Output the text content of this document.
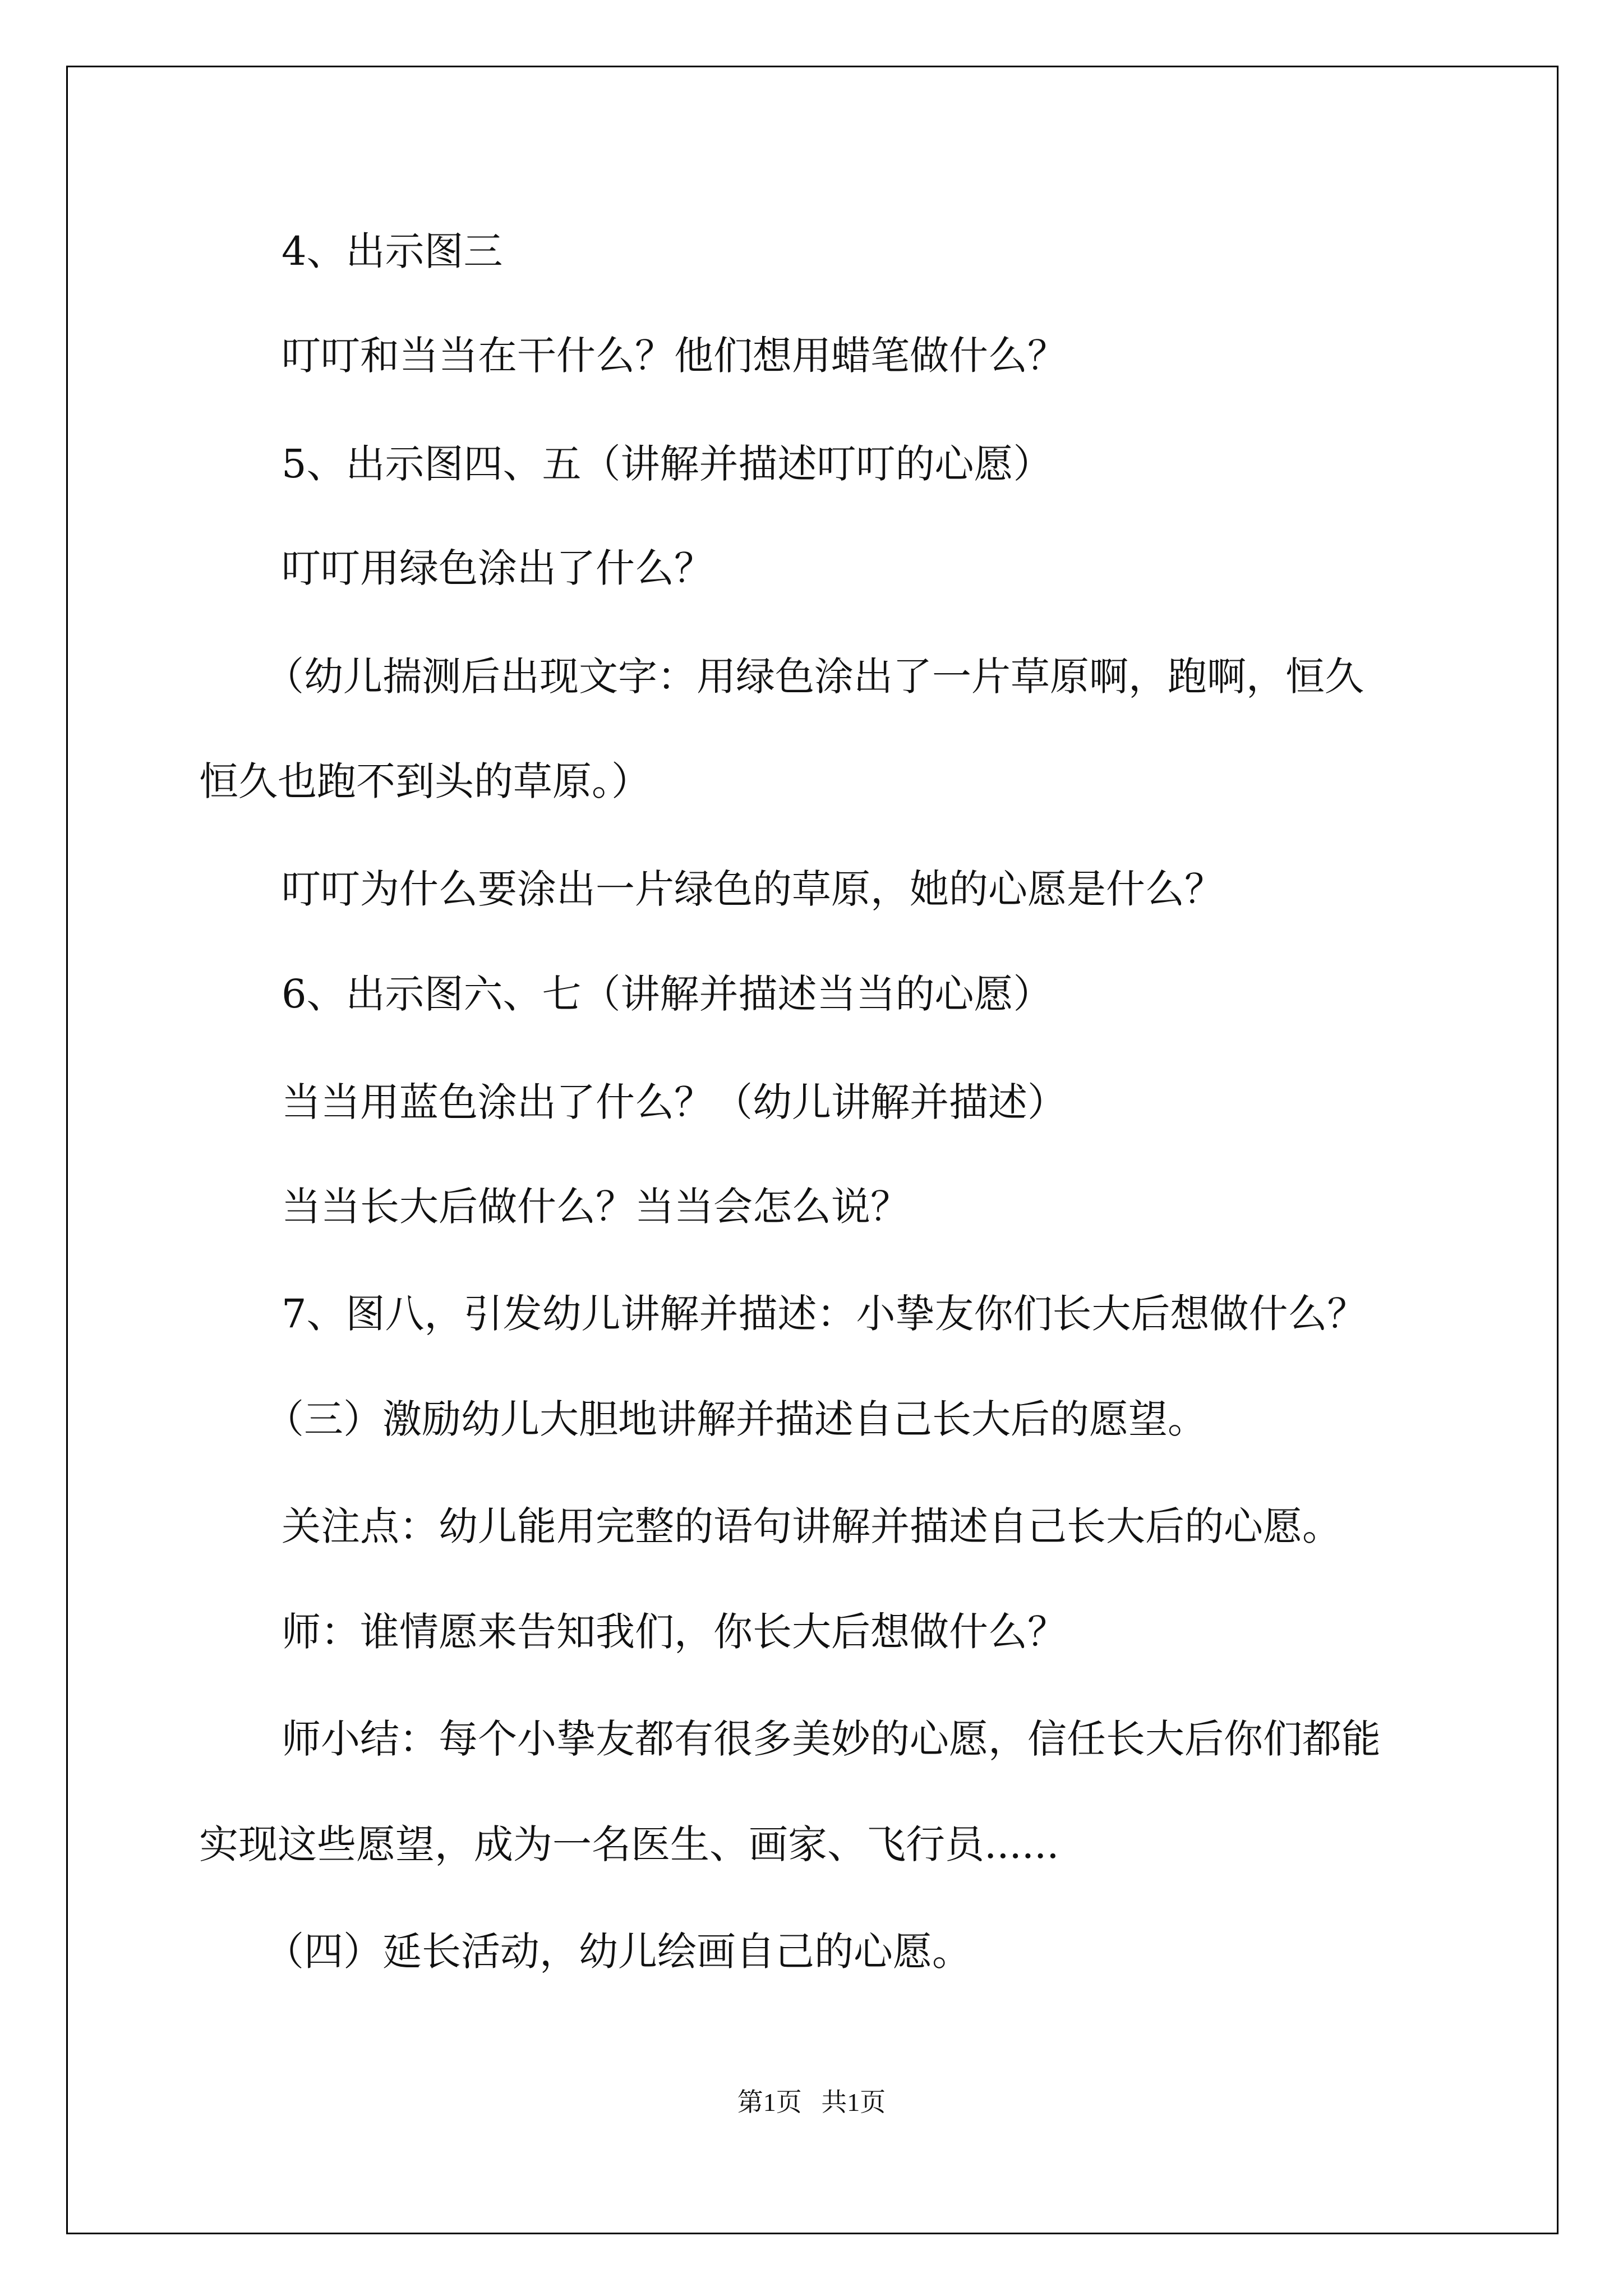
4、出示图三

叮叮和当当在干什么？他们想用蜡笔做什么？

5、出示图四、五（讲解并描述叮叮的心愿）

叮叮用绿色涂出了什么？

（幼儿揣测后出现文字：用绿色涂出了一片草原啊，跑啊，恒久

恒久也跑不到头的草原。）

叮叮为什么要涂出一片绿色的草原，她的心愿是什么？

6、出示图六、七（讲解并描述当当的心愿）

当当用蓝色涂出了什么？（幼儿讲解并描述）

当当长大后做什么？当当会怎么说？

7、图八，引发幼儿讲解并描述：小挚友你们长大后想做什么？

（三）激励幼儿大胆地讲解并描述自己长大后的愿望。

关注点：幼儿能用完整的语句讲解并描述自己长大后的心愿。

师：谁情愿来告知我们，你长大后想做什么？

师小结：每个小挚友都有很多美妙的心愿，信任长大后你们都能

实现这些愿望，成为一名医生、画家、飞行员......

（四）延长活动，幼儿绘画自己的心愿。

第1页   共1页
